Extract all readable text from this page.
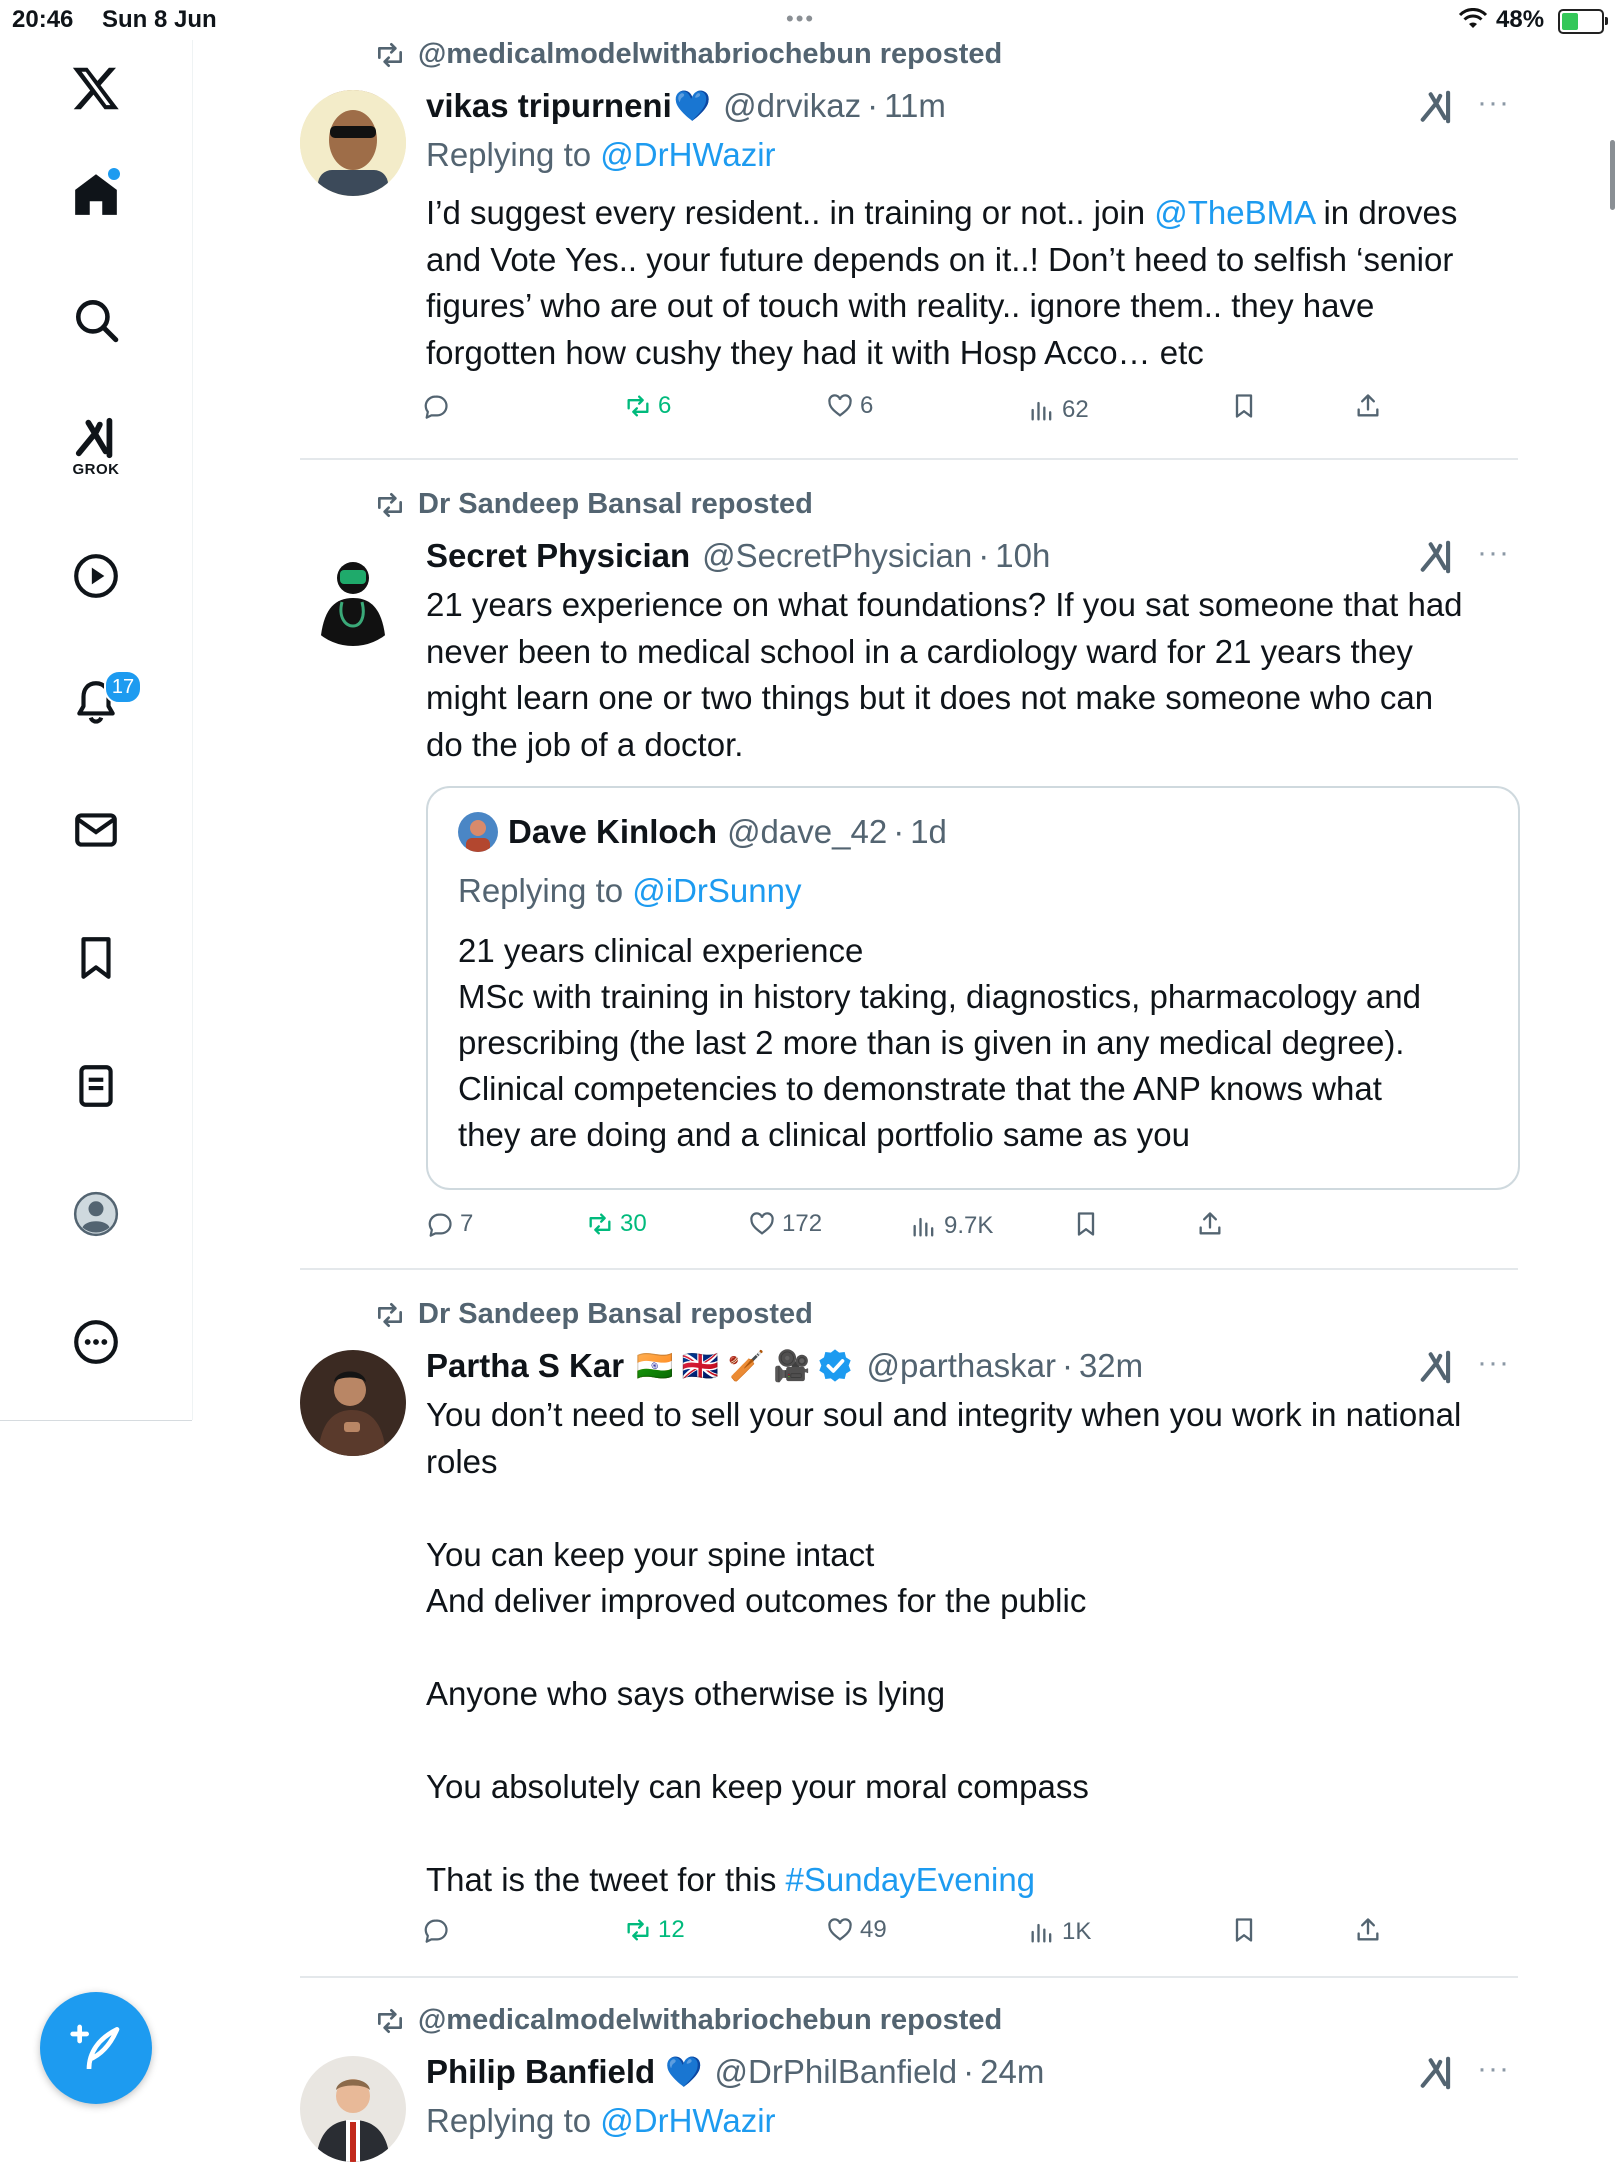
20:46 Sun 8 Jun	•••	48%
GROK
17
@medicalmodelwithabriochebun reposted
vikas tripurneni 💙 @drvikaz · 11m	···
Replying to @DrHWazir
I’d suggest every resident.. in training or not.. join @TheBMA in droves
and Vote Yes.. your future depends on it..! Don’t heed to selfish ‘senior
figures’ who are out of touch with reality.. ignore them.. they have
forgotten how cushy they had it with Hosp Acco… etc
6	6	62
Dr Sandeep Bansal reposted
Secret Physician @SecretPhysician · 10h	···
21 years experience on what foundations? If you sat someone that had
never been to medical school in a cardiology ward for 21 years they
might learn one or two things but it does not make someone who can
do the job of a doctor.
Dave Kinloch @dave_42 · 1d
Replying to @iDrSunny
21 years clinical experience
MSc with training in history taking, diagnostics, pharmacology and
prescribing (the last 2 more than is given in any medical degree).
Clinical competencies to demonstrate that the ANP knows what
they are doing and a clinical portfolio same as you
7	30	172	9.7K
Dr Sandeep Bansal reposted
Partha S Kar 🇮🇳 🇬🇧 🏏 🎥 @parthaskar · 32m	···
You don’t need to sell your soul and integrity when you work in national
roles

You can keep your spine intact
And deliver improved outcomes for the public

Anyone who says otherwise is lying

You absolutely can keep your moral compass

That is the tweet for this #SundayEvening
12	49	1K
@medicalmodelwithabriochebun reposted
Philip Banfield 💙 @DrPhilBanfield · 24m	···
Replying to @DrHWazir
